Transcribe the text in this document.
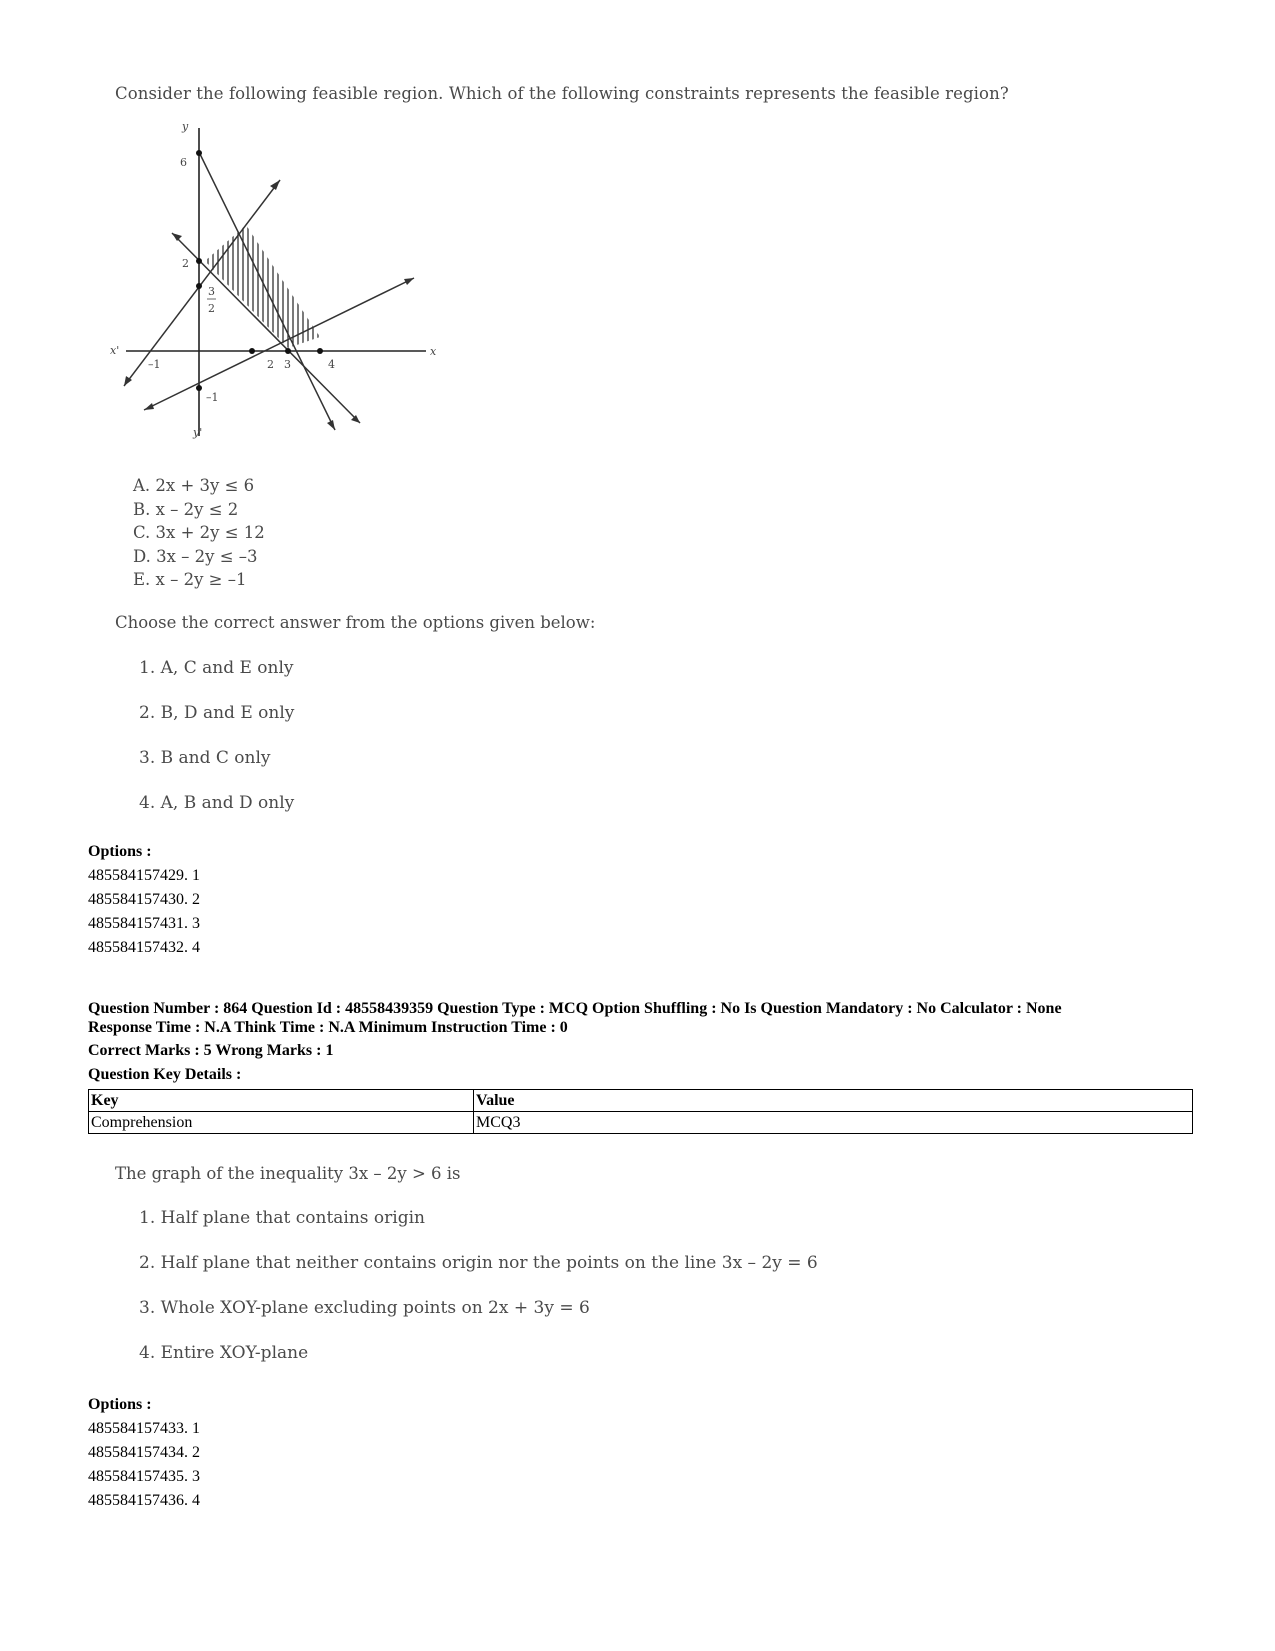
Consider the following feasible region. Which of the following constraints represents the feasible region?
y
y'
x
x'
6
2
3
2
–1
–1	2 3	4
A. 2x + 3y ≤ 6
B. x – 2y ≤ 2
C. 3x + 2y ≤ 12
D. 3x – 2y ≤ –3
E. x – 2y ≥ –1
Choose the correct answer from the options given below:
1. A, C and E only
2. B, D and E only
3. B and C only
4. A, B and D only
Options :
485584157429. 1
485584157430. 2
485584157431. 3
485584157432. 4
Question Number : 864 Question Id : 48558439359 Question Type : MCQ Option Shuffling : No Is Question Mandatory : No Calculator : None
Response Time : N.A Think Time : N.A Minimum Instruction Time : 0
Correct Marks : 5 Wrong Marks : 1
Question Key Details :
Key	Value
Comprehension	MCQ3
The graph of the inequality 3x – 2y > 6 is
1. Half plane that contains origin
2. Half plane that neither contains origin nor the points on the line 3x – 2y = 6
3. Whole XOY-plane excluding points on 2x + 3y = 6
4. Entire XOY-plane
Options :
485584157433. 1
485584157434. 2
485584157435. 3
485584157436. 4
